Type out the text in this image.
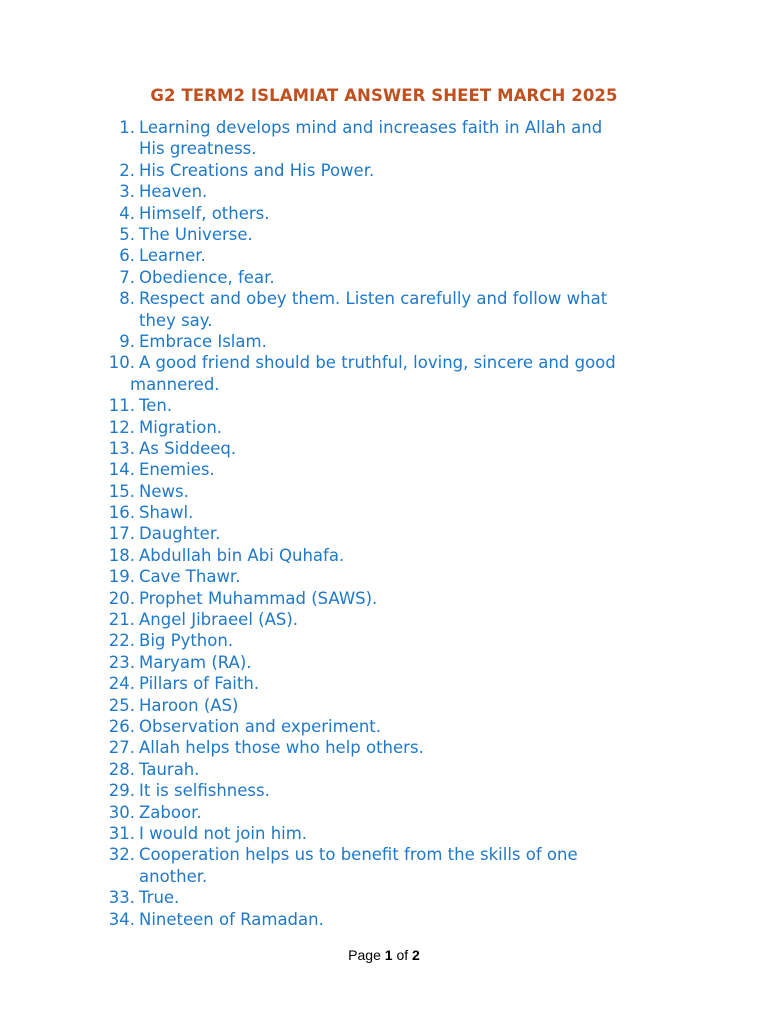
G2 TERM2 ISLAMIAT ANSWER SHEET MARCH 2025
1. Learning develops mind and increases faith in Allah and
His greatness.
2. His Creations and His Power.
3. Heaven.
4. Himself, others.
5. The Universe.
6. Learner.
7. Obedience, fear.
8. Respect and obey them. Listen carefully and follow what
they say.
9. Embrace Islam.
10. A good friend should be truthful, loving, sincere and good
mannered.
11. Ten.
12. Migration.
13. As Siddeeq.
14. Enemies.
15. News.
16. Shawl.
17. Daughter.
18. Abdullah bin Abi Quhafa.
19. Cave Thawr.
20. Prophet Muhammad (SAWS).
21. Angel Jibraeel (AS).
22. Big Python.
23. Maryam (RA).
24. Pillars of Faith.
25. Haroon (AS)
26. Observation and experiment.
27. Allah helps those who help others.
28. Taurah.
29. It is selfishness.
30. Zaboor.
31. I would not join him.
32. Cooperation helps us to benefit from the skills of one
another.
33. True.
34. Nineteen of Ramadan.
Page 1 of 2
